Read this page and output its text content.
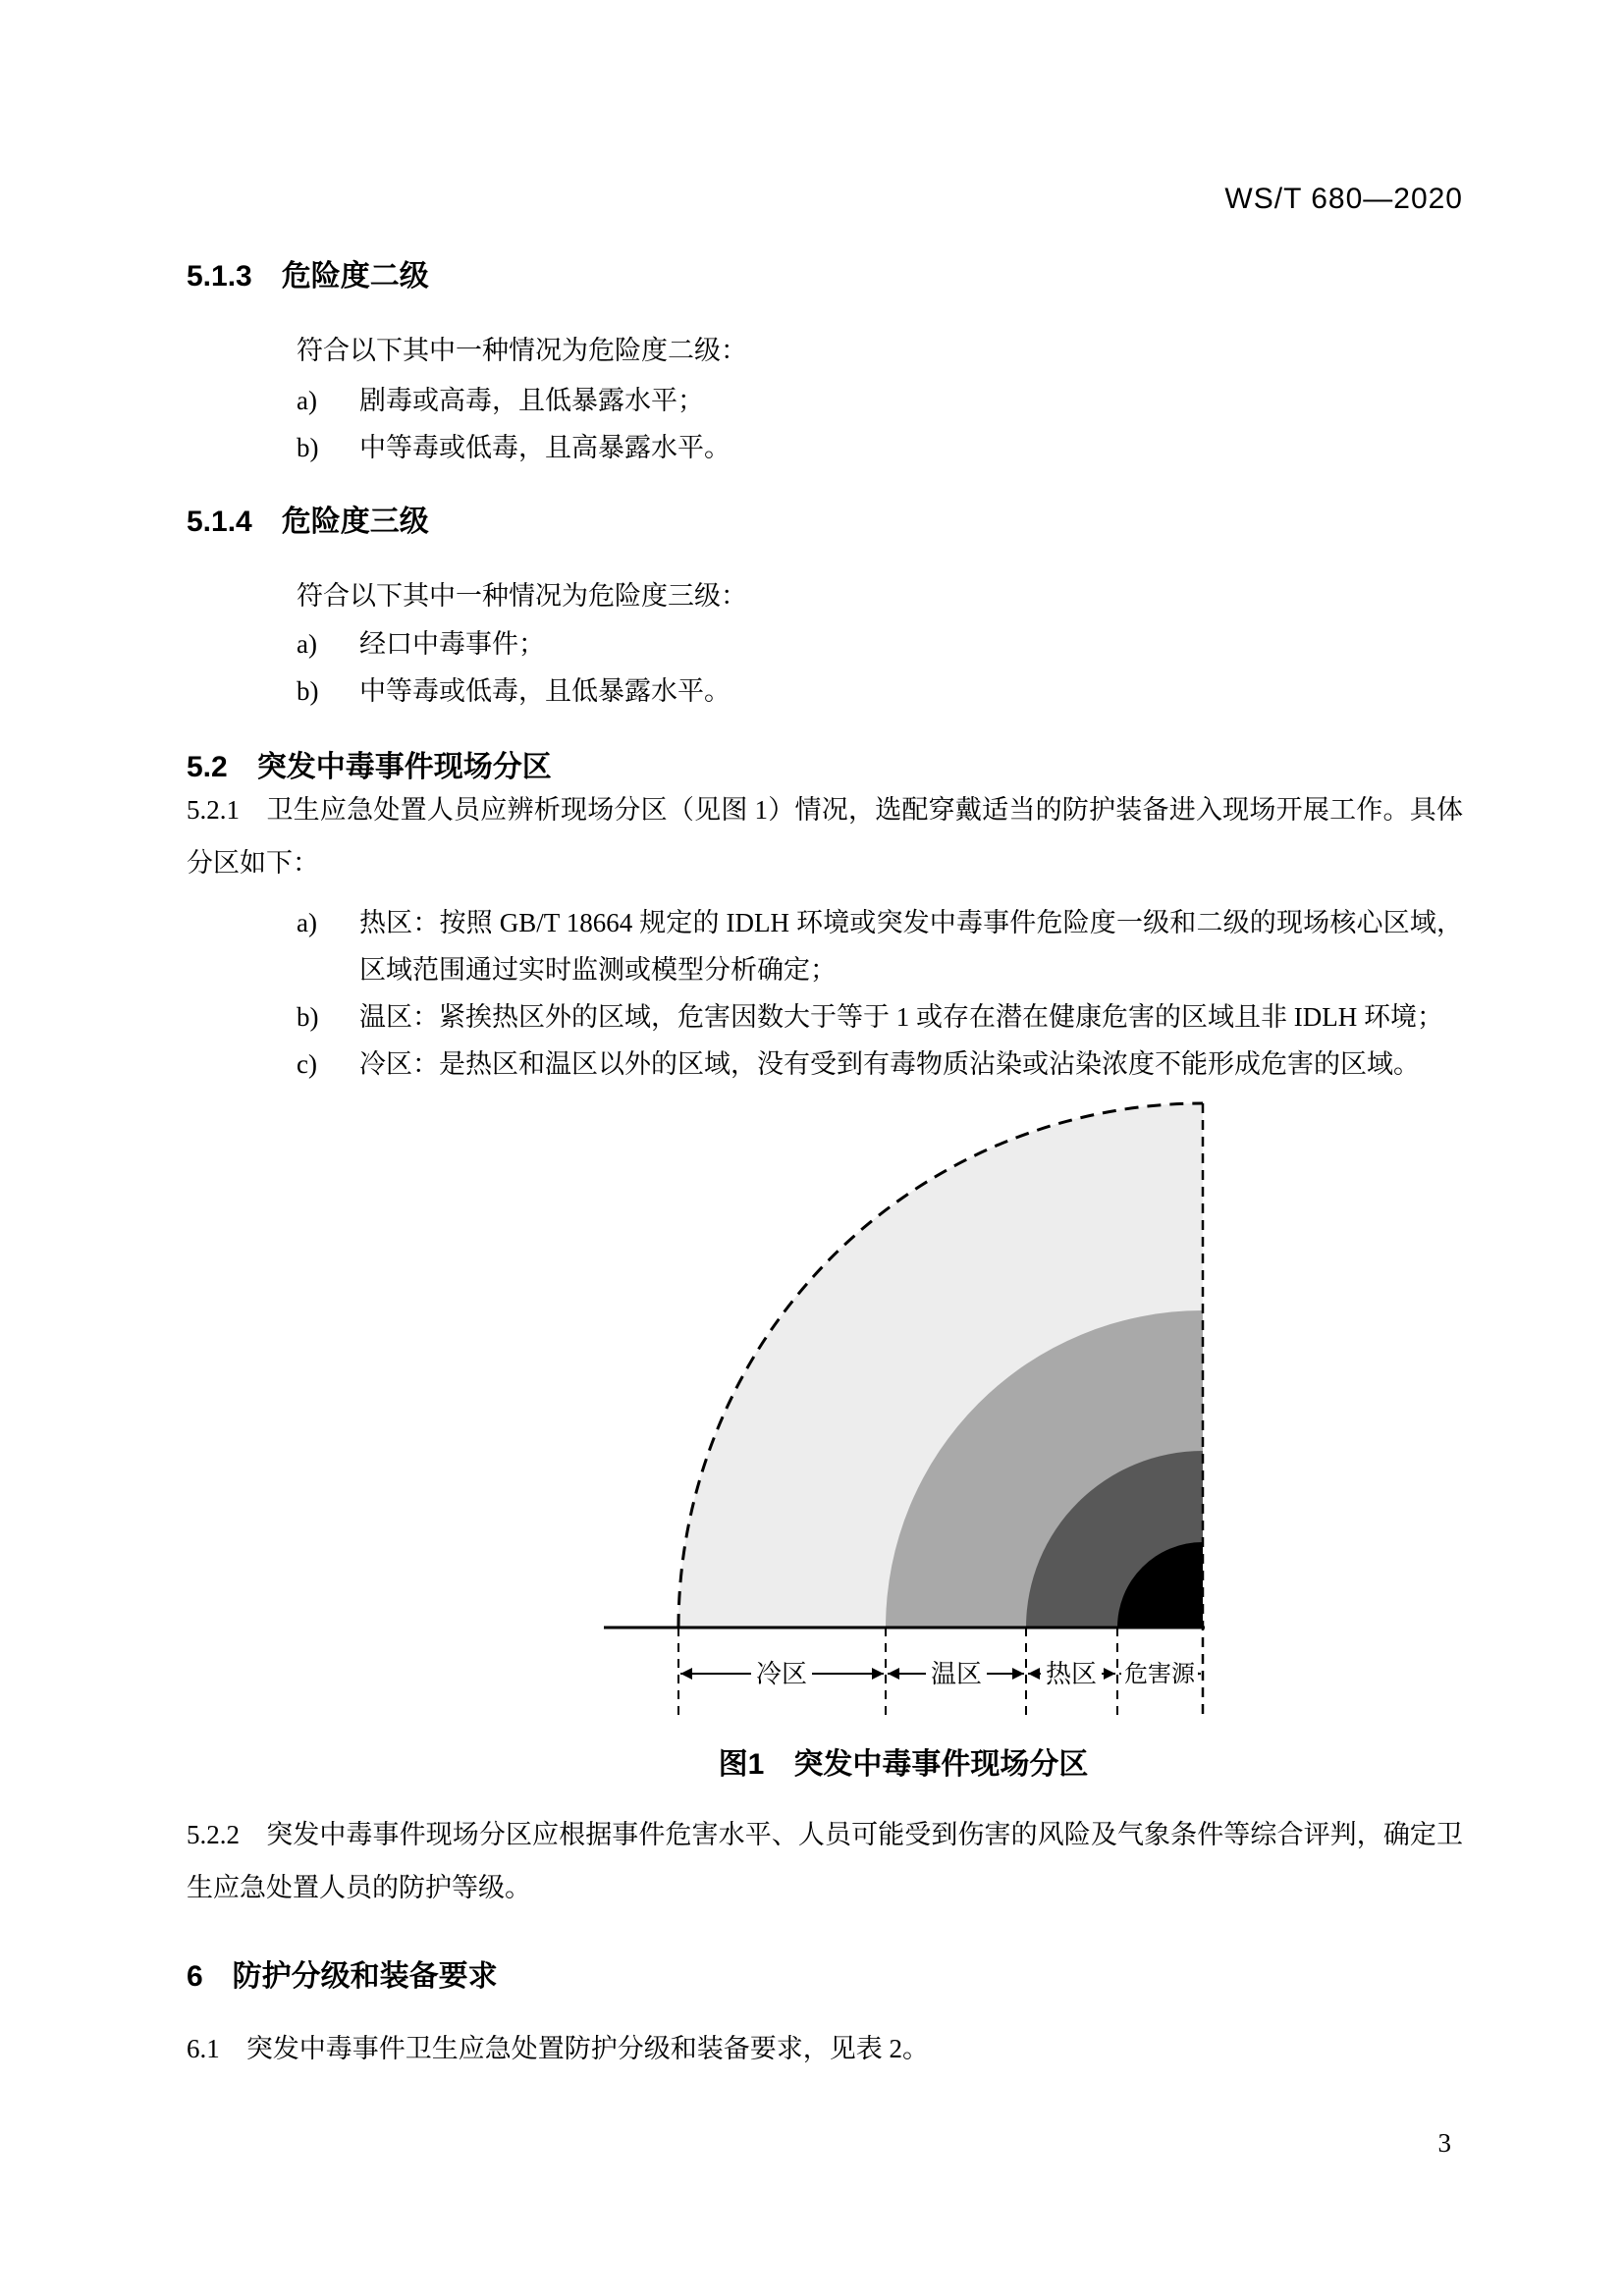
WS/T 680—2020
5.1.3　危险度二级
符合以下其中一种情况为危险度二级：
a)	剧毒或高毒，且低暴露水平；
b)	中等毒或低毒，且高暴露水平。
5.1.4　危险度三级
符合以下其中一种情况为危险度三级：
a)	经口中毒事件；
b)	中等毒或低毒，且低暴露水平。
5.2　突发中毒事件现场分区
5.2.1　卫生应急处置人员应辨析现场分区（见图 1）情况，选配穿戴适当的防护装备进入现场开展工作。具体分区如下：
a)	热区：按照 GB/T 18664 规定的 IDLH 环境或突发中毒事件危险度一级和二级的现场核心区域，区域范围通过实时监测或模型分析确定；
b)	温区：紧挨热区外的区域，危害因数大于等于 1 或存在潜在健康危害的区域且非 IDLH 环境；
c)	冷区：是热区和温区以外的区域，没有受到有毒物质沾染或沾染浓度不能形成危害的区域。
冷区	温区 热区 危害源
图1　突发中毒事件现场分区
5.2.2　突发中毒事件现场分区应根据事件危害水平、人员可能受到伤害的风险及气象条件等综合评判，确定卫生应急处置人员的防护等级。
6　防护分级和装备要求
6.1　突发中毒事件卫生应急处置防护分级和装备要求，见表 2。
3
